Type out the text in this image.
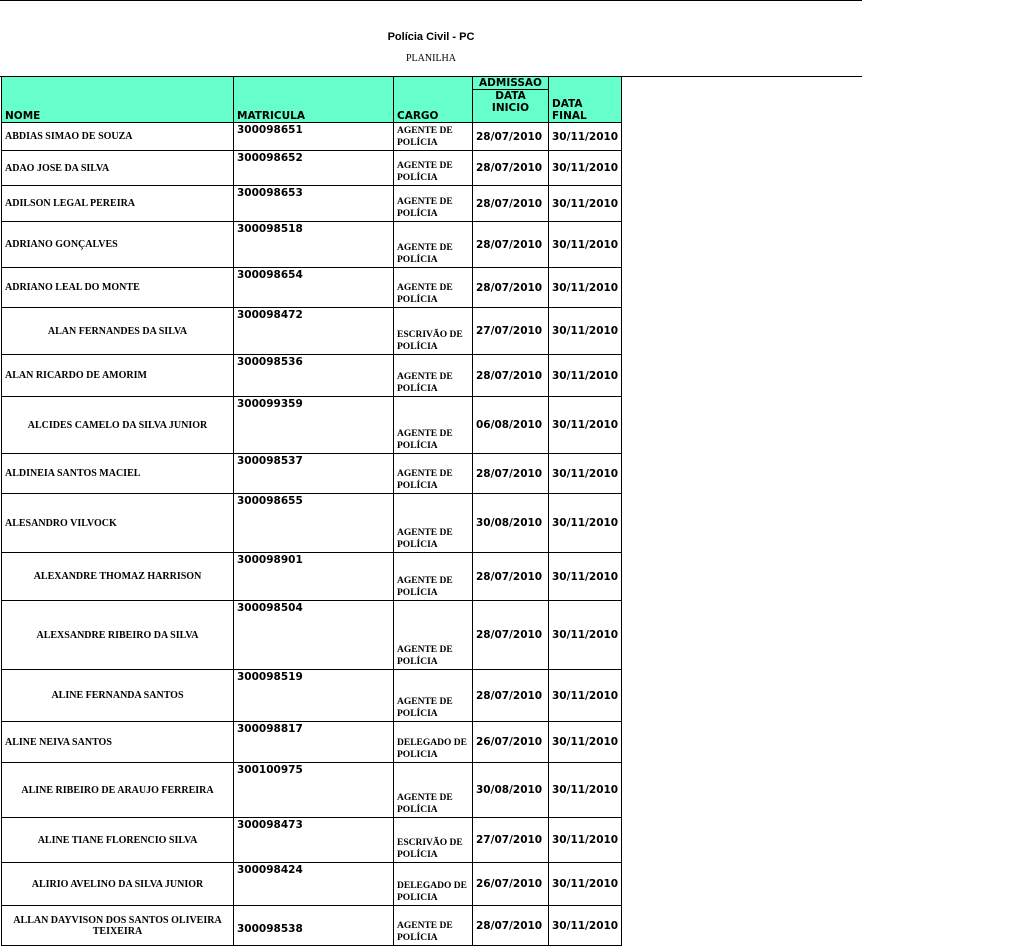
Polícia Civil - PC
PLANILHA
NOME	MATRICULA	CARGO	ADMISSAO	DATA FINAL
			DATA INICIO	
ABDIAS SIMAO DE SOUZA	300098651	AGENTE DE POLÍCIA	28/07/2010	30/11/2010
ADAO JOSE DA SILVA	300098652	AGENTE DE POLÍCIA	28/07/2010	30/11/2010
ADILSON LEGAL PEREIRA	300098653	AGENTE DE POLÍCIA	28/07/2010	30/11/2010
ADRIANO GONÇALVES	300098518	AGENTE DE POLÍCIA	28/07/2010	30/11/2010
ADRIANO LEAL DO MONTE	300098654	AGENTE DE POLÍCIA	28/07/2010	30/11/2010
ALAN FERNANDES DA SILVA	300098472	ESCRIVÃO DE POLÍCIA	27/07/2010	30/11/2010
ALAN RICARDO DE AMORIM	300098536	AGENTE DE POLÍCIA	28/07/2010	30/11/2010
ALCIDES CAMELO DA SILVA JUNIOR	300099359	AGENTE DE POLÍCIA	06/08/2010	30/11/2010
ALDINEIA SANTOS MACIEL	300098537	AGENTE DE POLÍCIA	28/07/2010	30/11/2010
ALESANDRO VILVOCK	300098655	AGENTE DE POLÍCIA	30/08/2010	30/11/2010
ALEXANDRE THOMAZ HARRISON	300098901	AGENTE DE POLÍCIA	28/07/2010	30/11/2010
ALEXSANDRE RIBEIRO DA SILVA	300098504	AGENTE DE POLÍCIA	28/07/2010	30/11/2010
ALINE FERNANDA SANTOS	300098519	AGENTE DE POLÍCIA	28/07/2010	30/11/2010
ALINE NEIVA SANTOS	300098817	DELEGADO DE POLICIA	26/07/2010	30/11/2010
ALINE RIBEIRO DE ARAUJO FERREIRA	300100975	AGENTE DE POLÍCIA	30/08/2010	30/11/2010
ALINE TIANE FLORENCIO SILVA	300098473	ESCRIVÃO DE POLÍCIA	27/07/2010	30/11/2010
ALIRIO AVELINO DA SILVA JUNIOR	300098424	DELEGADO DE POLICIA	26/07/2010	30/11/2010
ALLAN DAYVISON DOS SANTOS OLIVEIRA TEIXEIRA	300098538	AGENTE DE POLÍCIA	28/07/2010	30/11/2010
